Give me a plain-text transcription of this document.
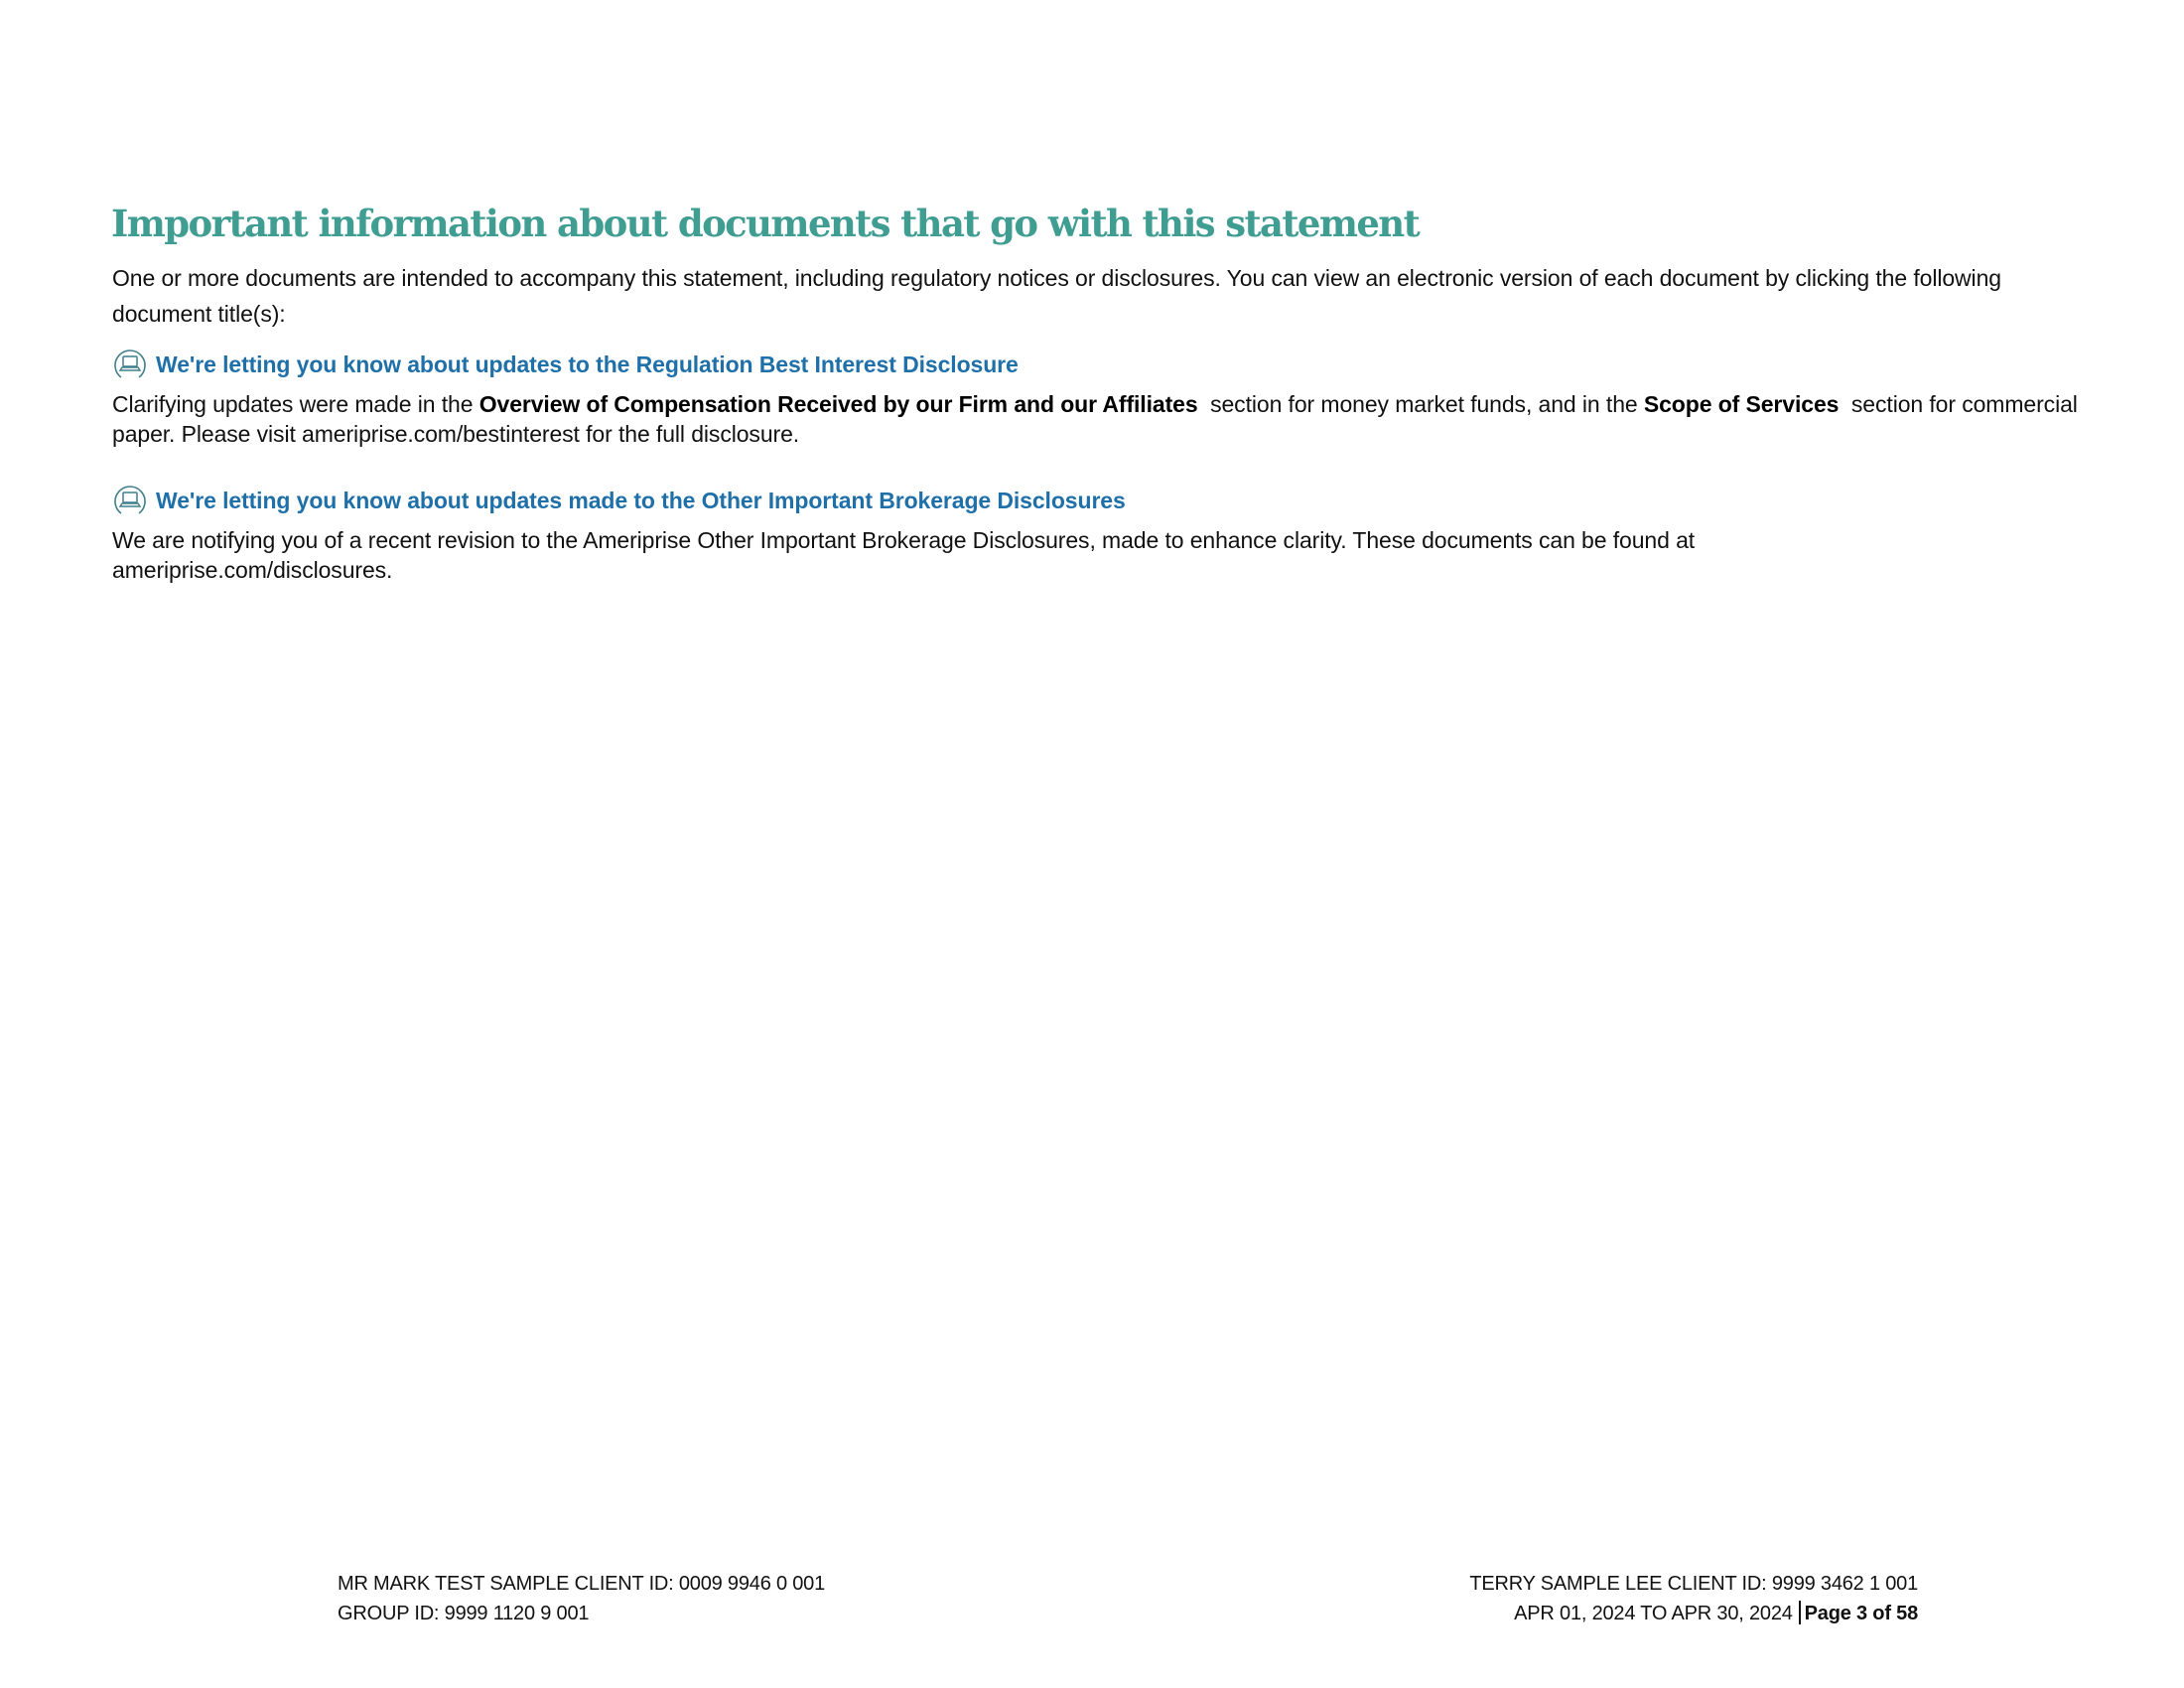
Important information about documents that go with this statement

One or more documents are intended to accompany this statement, including regulatory notices or disclosures. You can view an electronic version of each document by clicking the following document title(s):

We're letting you know about updates to the Regulation Best Interest Disclosure

Clarifying updates were made in the Overview of Compensation Received by our Firm and our Affiliates  section for money market funds, and in the Scope of Services  section for commercial paper. Please visit ameriprise.com/bestinterest for the full disclosure.

We're letting you know about updates made to the Other Important Brokerage Disclosures

We are notifying you of a recent revision to the Ameriprise Other Important Brokerage Disclosures, made to enhance clarity. These documents can be found at
ameriprise.com/disclosures.

MR MARK TEST SAMPLE CLIENT ID: 0009 9946 0 001
GROUP ID: 9999 1120 9 001
TERRY SAMPLE LEE CLIENT ID: 9999 3462 1 001
APR 01, 2024 TO APR 30, 2024 Page 3 of 58
